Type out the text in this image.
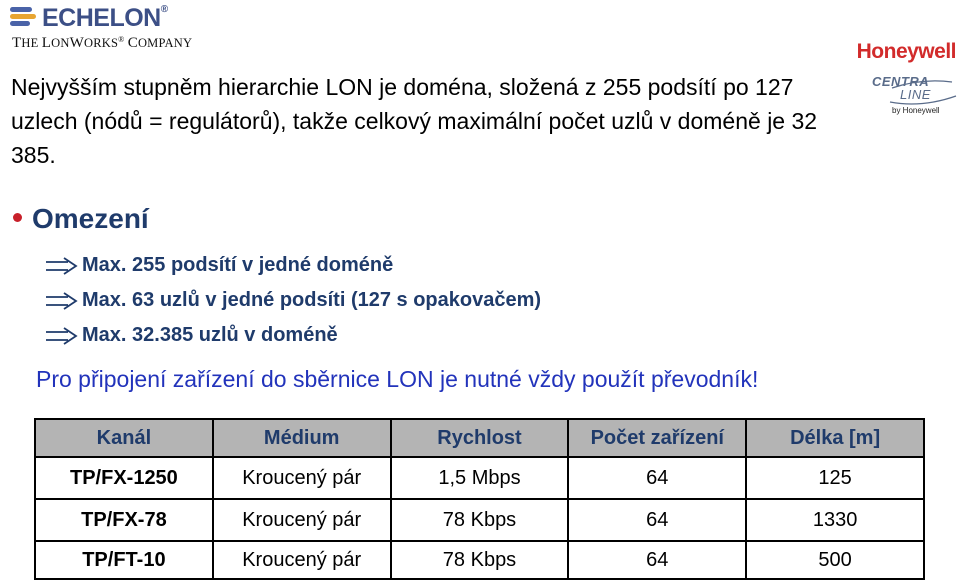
ECHELON®
THE LONWORKS® COMPANY	Honeywell
CENTRA
LINE
by Honeywell
Nejvyšším stupněm hierarchie LON je doména, složená z 255 podsítí po 127 uzlech (nódů = regulátorů), takže celkový maximální počet uzlů v doméně je 32 385.
Omezení
Max. 255 podsítí v jedné doméně
Max. 63 uzlů v jedné podsíti (127 s opakovačem)
Max. 32.385 uzlů v doméně
Pro připojení zařízení do sběrnice LON je nutné vždy použít převodník!
Kanál	Médium	Rychlost	Počet zařízení	Délka [m]
TP/FX-1250	Kroucený pár	1,5 Mbps	64	125
TP/FX-78	Kroucený pár	78 Kbps	64	1330
TP/FT-10	Kroucený pár	78 Kbps	64	500
